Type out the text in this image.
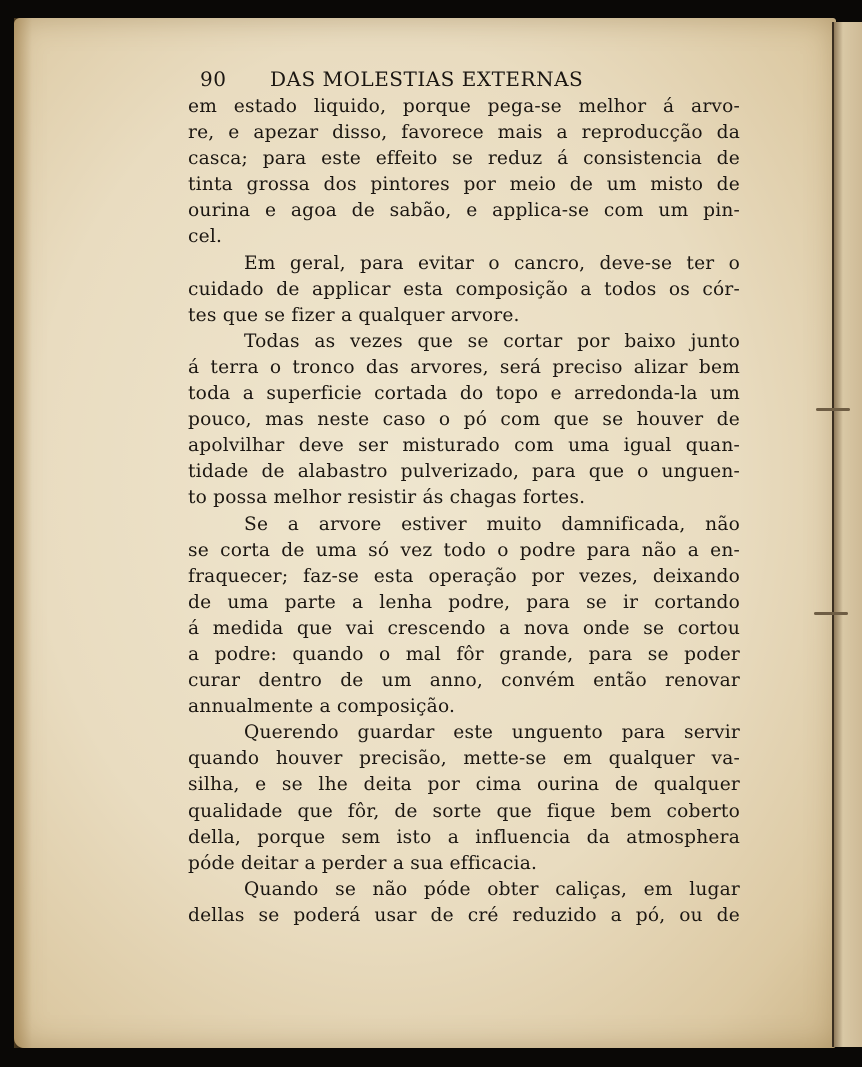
90	DAS MOLESTIAS EXTERNAS
em estado liquido, porque pega-se melhor á arvo-
re, e apezar disso, favorece mais a reproducção da
casca; para este effeito se reduz á consistencia de
tinta grossa dos pintores por meio de um misto de
ourina e agoa de sabão, e applica-se com um pin-
cel.
Em geral, para evitar o cancro, deve-se ter o
cuidado de applicar esta composição a todos os cór-
tes que se fizer a qualquer arvore.
Todas as vezes que se cortar por baixo junto
á terra o tronco das arvores, será preciso alizar bem
toda a superficie cortada do topo e arredonda-la um
pouco, mas neste caso o pó com que se houver de
apolvilhar deve ser misturado com uma igual quan-
tidade de alabastro pulverizado, para que o unguen-
to possa melhor resistir ás chagas fortes.
Se a arvore estiver muito damnificada, não
se corta de uma só vez todo o podre para não a en-
fraquecer; faz-se esta operação por vezes, deixando
de uma parte a lenha podre, para se ir cortando
á medida que vai crescendo a nova onde se cortou
a podre: quando o mal fôr grande, para se poder
curar dentro de um anno, convém então renovar
annualmente a composição.
Querendo guardar este unguento para servir
quando houver precisão, mette-se em qualquer va-
silha, e se lhe deita por cima ourina de qualquer
qualidade que fôr, de sorte que fique bem coberto
della, porque sem isto a influencia da atmosphera
póde deitar a perder a sua efficacia.
Quando se não póde obter caliças, em lugar
dellas se poderá usar de cré reduzido a pó, ou de
